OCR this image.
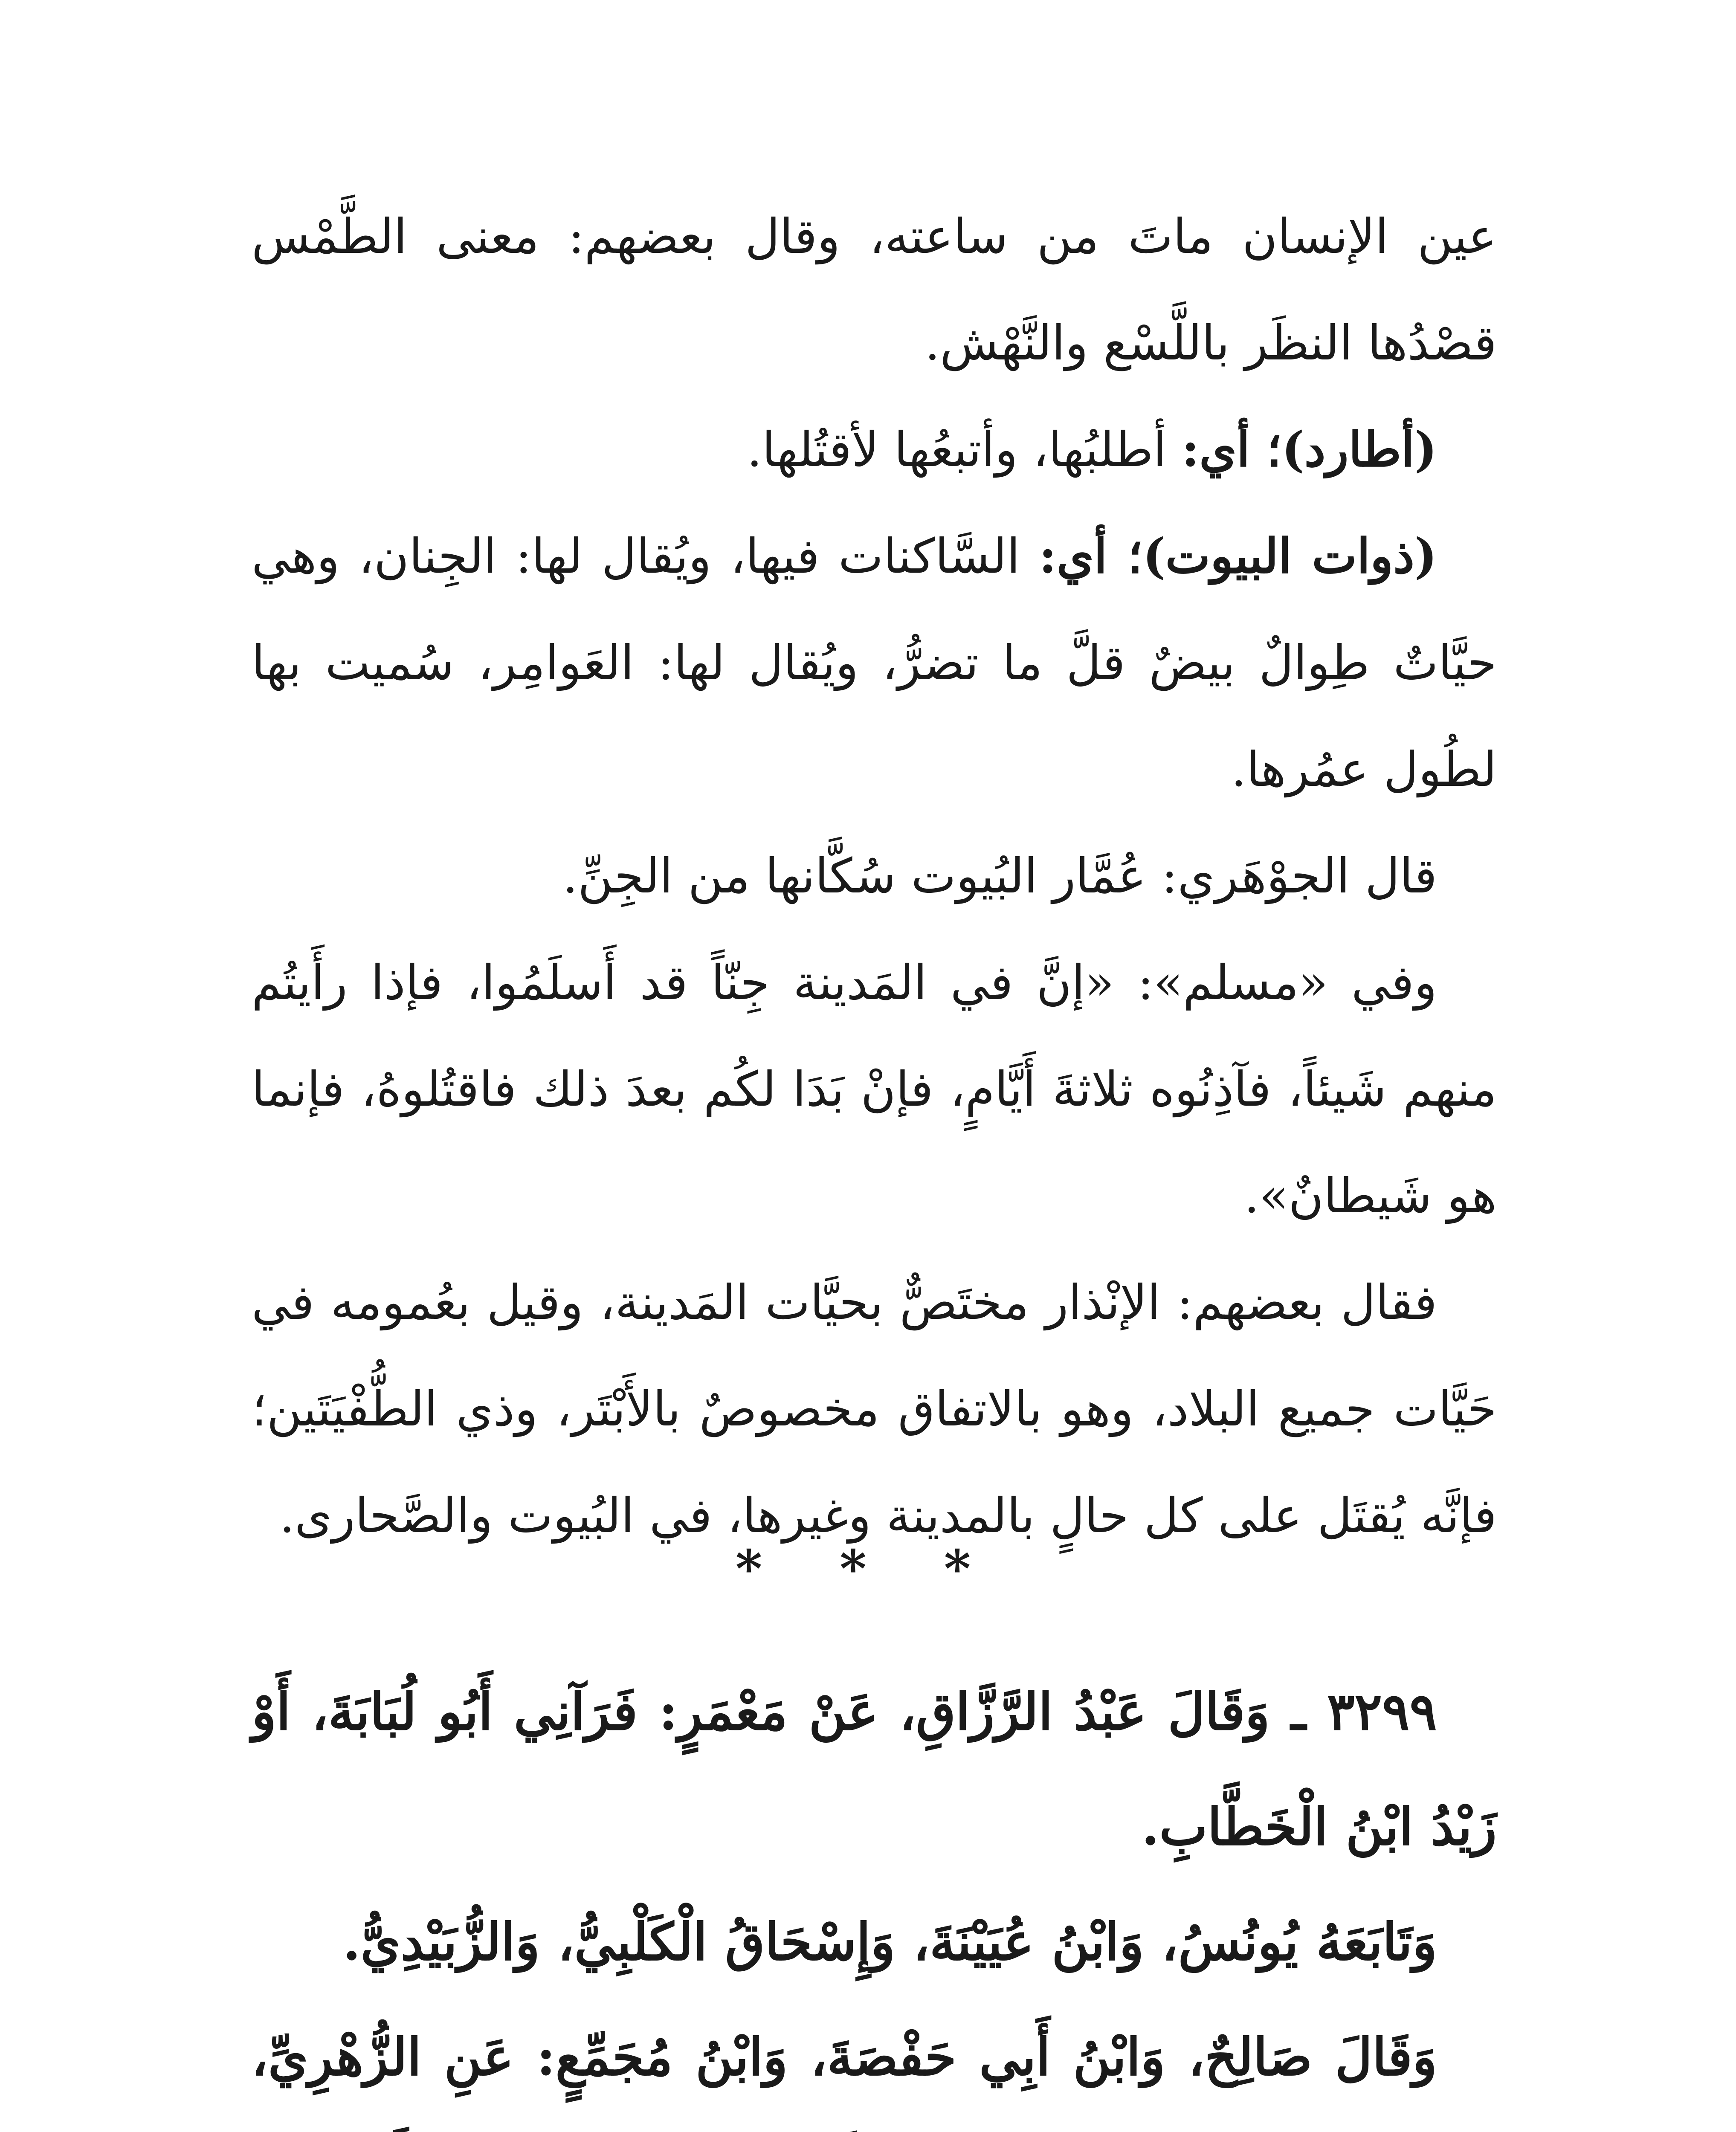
عين الإنسان ماتَ من ساعته، وقال بعضهم: معنى الطَّمْس قصْدُها النظَر باللَّسْع والنَّهْش.

(أطارد)؛ أي: أطلبُها، وأتبعُها لأقتُلها.

(ذوات البيوت)؛ أي: السَّاكنات فيها، ويُقال لها: الجِنان، وهي حيَّاتٌ طِوالٌ بيضٌ قلَّ ما تضرُّ، ويُقال لها: العَوامِر، سُميت بها لطُول عمُرها.

قال الجوْهَري: عُمَّار البُيوت سُكَّانها من الجِنِّ.

وفي «مسلم»: «إنَّ في المَدينة جِنّاً قد أَسلَمُوا، فإذا رأَيتُم منهم شَيئاً، فآذِنُوه ثلاثةَ أَيَّامٍ، فإنْ بَدَا لكُم بعدَ ذلك فاقتُلوهُ، فإنما هو شَيطانٌ».

فقال بعضهم: الإنْذار مختَصٌّ بحيَّات المَدينة، وقيل بعُمومه في حَيَّات جميع البلاد، وهو بالاتفاق مخصوصٌ بالأَبْتَر، وذي الطُّفْيَتَين؛ فإنَّه يُقتَل على كل حالٍ بالمدينة وغيرها، في البُيوت والصَّحارى.

* * *

٣٢٩٩ ـ وَقَالَ عَبْدُ الرَّزَّاقِ، عَنْ مَعْمَرٍ: فَرَآنِي أَبُو لُبَابَةَ، أَوْ زَيْدُ ابْنُ الْخَطَّابِ.

وَتَابَعَهُ يُونُسُ، وَابْنُ عُيَيْنَةَ، وَإِسْحَاقُ الْكَلْبِيُّ، وَالزُّبَيْدِيُّ.

وَقَالَ صَالِحٌ، وَابْنُ أَبِي حَفْصَةَ، وَابْنُ مُجَمِّعٍ: عَنِ الزُّهْرِيِّ،
